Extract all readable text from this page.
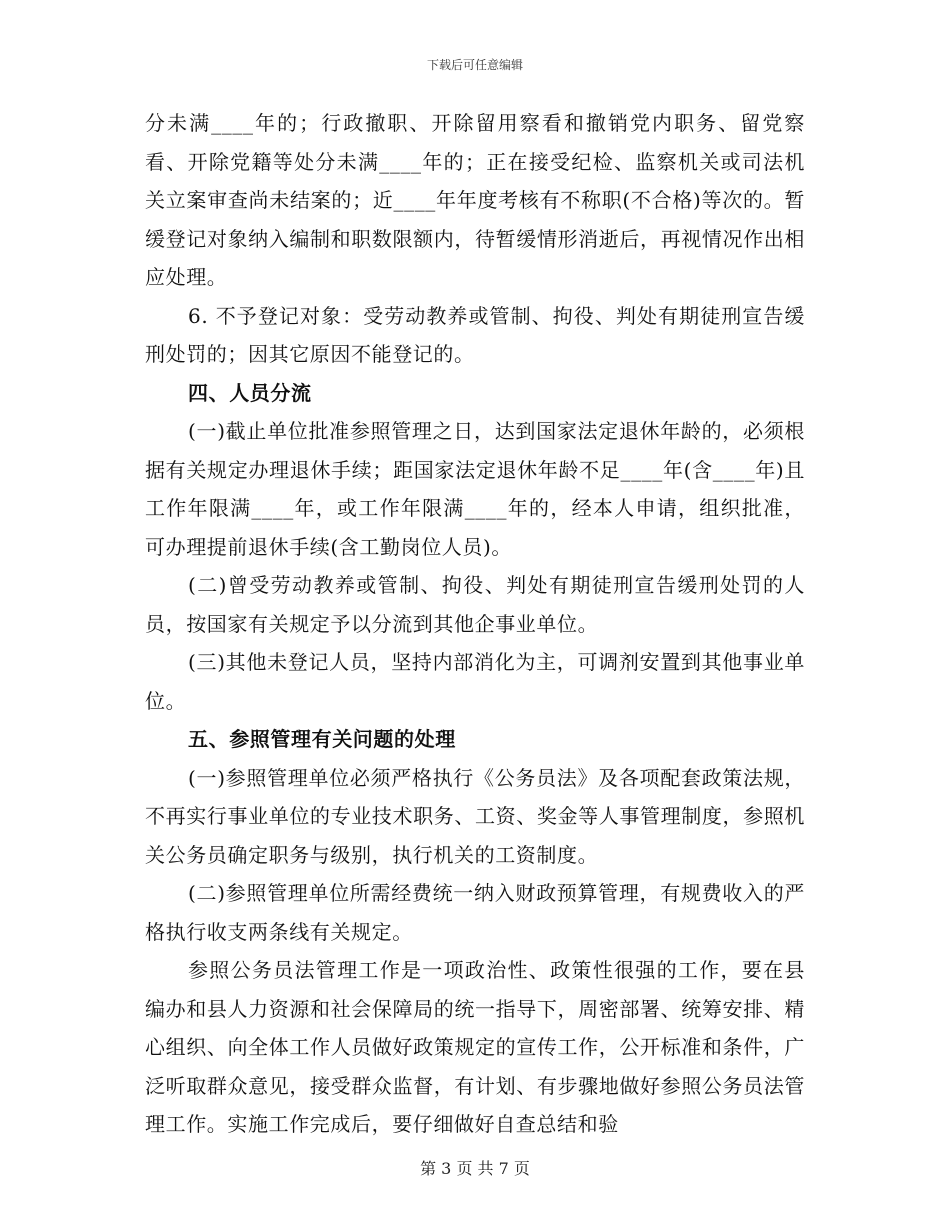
下载后可任意编辑

分未满____年的；行政撤职、开除留用察看和撤销党内职务、留党察看、开除党籍等处分未满____年的；正在接受纪检、监察机关或司法机关立案审查尚未结案的；近____年年度考核有不称职(不合格)等次的。暂缓登记对象纳入编制和职数限额内，待暂缓情形消逝后，再视情况作出相应处理。

6. 不予登记对象：受劳动教养或管制、拘役、判处有期徒刑宣告缓刑处罚的；因其它原因不能登记的。

四、人员分流

(一)截止单位批准参照管理之日，达到国家法定退休年龄的，必须根据有关规定办理退休手续；距国家法定退休年龄不足____年(含____年)且工作年限满____年，或工作年限满____年的，经本人申请，组织批准，可办理提前退休手续(含工勤岗位人员)。

(二)曾受劳动教养或管制、拘役、判处有期徒刑宣告缓刑处罚的人员，按国家有关规定予以分流到其他企事业单位。

(三)其他未登记人员，坚持内部消化为主，可调剂安置到其他事业单位。

五、参照管理有关问题的处理

(一)参照管理单位必须严格执行《公务员法》及各项配套政策法规，不再实行事业单位的专业技术职务、工资、奖金等人事管理制度，参照机关公务员确定职务与级别，执行机关的工资制度。

(二)参照管理单位所需经费统一纳入财政预算管理，有规费收入的严格执行收支两条线有关规定。

参照公务员法管理工作是一项政治性、政策性很强的工作，要在县编办和县人力资源和社会保障局的统一指导下，周密部署、统筹安排、精心组织、向全体工作人员做好政策规定的宣传工作，公开标准和条件，广泛听取群众意见，接受群众监督，有计划、有步骤地做好参照公务员法管理工作。实施工作完成后，要仔细做好自查总结和验

第 3 页 共 7 页
